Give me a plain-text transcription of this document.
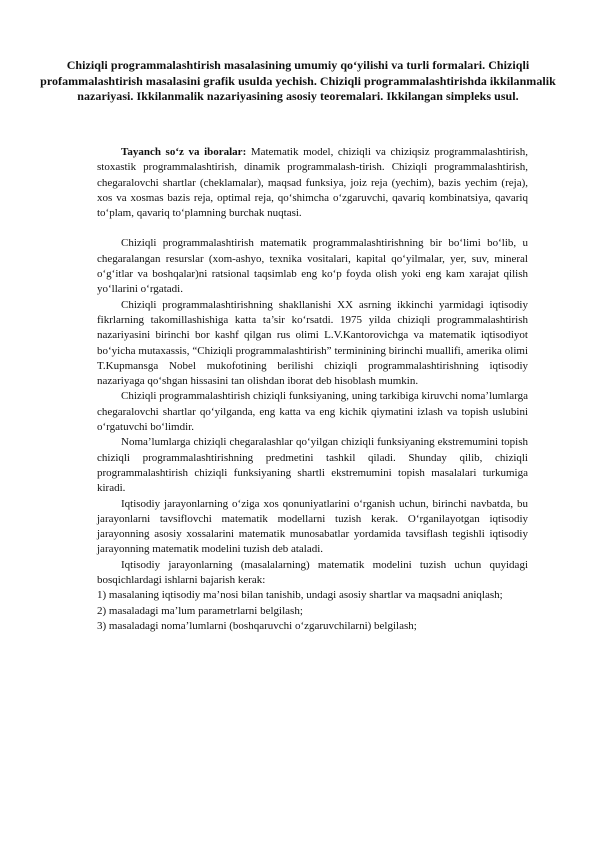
Chiziqli programmalashtirish masalasining umumiy qo‘yilishi va turli formalari. Chiziqli profammalashtirish masalasini grafik usulda yechish. Chiziqli programmalashtirishda ikkilanmalik nazariyasi. Ikkilanmalik nazariyasining asosiy teoremalari. Ikkilangan simpleks usul.

Tayanch so‘z va iboralar: Matematik model, chiziqli va chiziqsiz programmalashtirish, stoxastik programmalashtirish, dinamik programmalash-tirish. Chiziqli programmalashtirish, chegaralovchi shartlar (cheklamalar), maqsad funksiya, joiz reja (yechim), bazis yechim (reja), xos va xosmas bazis reja, optimal reja, qo‘shimcha o‘zgaruvchi, qavariq kombinatsiya, qavariq to‘plam, qavariq to‘plamning burchak nuqtasi.

Chiziqli programmalashtirish matematik programmalashtirishning bir bo‘limi bo‘lib, u chegaralangan resurslar (xom-ashyo, texnika vositalari, kapital qo‘yilmalar, yer, suv, mineral o‘g‘itlar va boshqalar)ni ratsional taqsimlab eng ko‘p foyda olish yoki eng kam xarajat qilish yo‘llarini o‘rgatadi.

Chiziqli programmalashtirishning shakllanishi XX asrning ikkinchi yarmidagi iqtisodiy fikrlarning takomillashishiga katta ta’sir ko‘rsatdi. 1975 yilda chiziqli programmalashtirish nazariyasini birinchi bor kashf qilgan rus olimi L.V.Kantorovichga va matematik iqtisodiyot bo‘yicha mutaxassis, “Chiziqli programmalashtirish” terminining birinchi muallifi, amerika olimi T.Kupmansga Nobel mukofotining berilishi chiziqli programmalashtirishning iqtisodiy nazariyaga qo‘shgan hissasini tan olishdan iborat deb hisoblash mumkin.

Chiziqli programmalashtirish chiziqli funksiyaning, uning tarkibiga kiruvchi noma’lumlarga chegaralovchi shartlar qo‘yilganda, eng katta va eng kichik qiymatini izlash va topish uslubini o‘rgatuvchi bo‘limdir.

Noma’lumlarga chiziqli chegaralashlar qo‘yilgan chiziqli funksiyaning ekstremumini topish chiziqli programmalashtirishning predmetini tashkil qiladi. Shunday qilib, chiziqli programmalashtirish chiziqli funksiyaning shartli ekstremumini topish masalalari turkumiga kiradi.

Iqtisodiy jarayonlarning o‘ziga xos qonuniyatlarini o‘rganish uchun, birinchi navbatda, bu jarayonlarni tavsiflovchi matematik modellarni tuzish kerak. O‘rganilayotgan iqtisodiy jarayonning asosiy xossalarini matematik munosabatlar yordamida tavsiflash tegishli iqtisodiy jarayonning matematik modelini tuzish deb ataladi.

Iqtisodiy jarayonlarning (masalalarning) matematik modelini tuzish uchun quyidagi bosqichlardagi ishlarni bajarish kerak:

1) masalaning iqtisodiy ma’nosi bilan tanishib, undagi asosiy shartlar va maqsadni aniqlash;

2) masaladagi ma’lum parametrlarni belgilash;

3) masaladagi noma’lumlarni (boshqaruvchi o‘zgaruvchilarni) belgilash;
